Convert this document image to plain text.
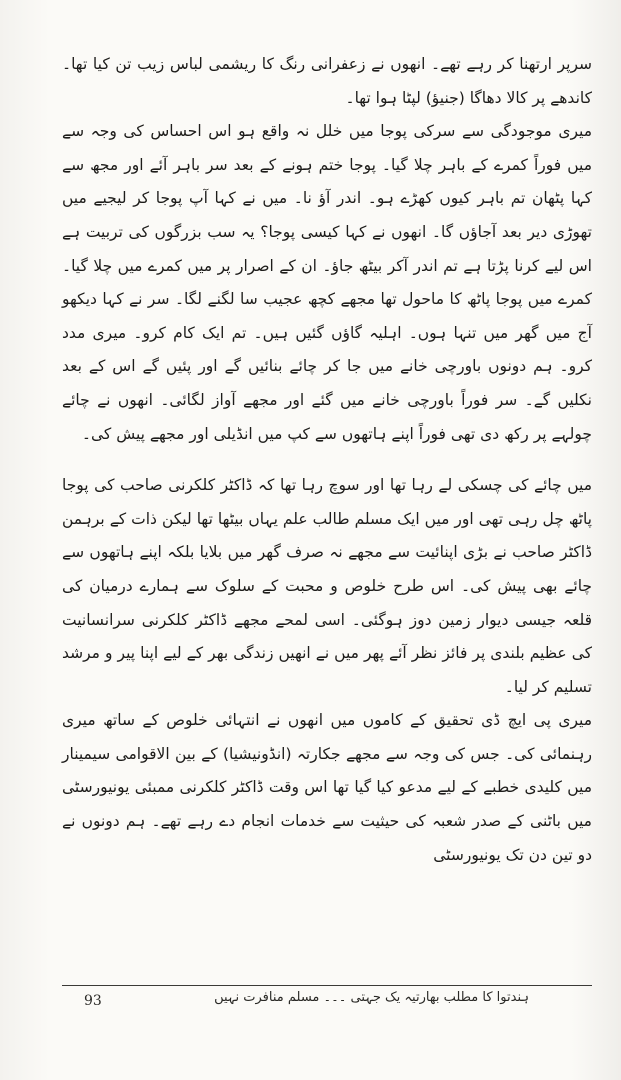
سرپر ارتھنا کر رہے تھے۔ انھوں نے زعفرانی رنگ کا ریشمی لباس زیب تن کیا تھا۔ کاندھے پر کالا دھاگا (جنیؤ) لپٹا ہوا تھا۔

میری موجودگی سے سرکی پوجا میں خلل نہ واقع ہو اس احساس کی وجہ سے میں فوراً کمرے کے باہر چلا گیا۔ پوجا ختم ہونے کے بعد سر باہر آئے اور مجھ سے کہا پٹھان تم باہر کیوں کھڑے ہو۔ اندر آؤ نا۔ میں نے کہا آپ پوجا کر لیجیے میں تھوڑی دیر بعد آجاؤں گا۔ انھوں نے کہا کیسی پوجا؟ یہ سب بزرگوں کی تربیت ہے اس لیے کرنا پڑتا ہے تم اندر آکر بیٹھ جاؤ۔ ان کے اصرار پر میں کمرے میں چلا گیا۔ کمرے میں پوجا پاٹھ کا ماحول تھا مجھے کچھ عجیب سا لگنے لگا۔ سر نے کہا دیکھو آج میں گھر میں تنہا ہوں۔ اہلیہ گاؤں گئیں ہیں۔ تم ایک کام کرو۔ میری مدد کرو۔ ہم دونوں باورچی خانے میں جا کر چائے بنائیں گے اور پئیں گے اس کے بعد نکلیں گے۔ سر فوراً باورچی خانے میں گئے اور مجھے آواز لگائی۔ انھوں نے چائے چولہے پر رکھ دی تھی فوراً اپنے ہاتھوں سے کپ میں انڈیلی اور مجھے پیش کی۔

میں چائے کی چسکی لے رہا تھا اور سوچ رہا تھا کہ ڈاکٹر کلکرنی صاحب کی پوجا پاٹھ چل رہی تھی اور میں ایک مسلم طالب علم یہاں بیٹھا تھا لیکن ذات کے برہمن ڈاکٹر صاحب نے بڑی اپنائیت سے مجھے نہ صرف گھر میں بلایا بلکہ اپنے ہاتھوں سے چائے بھی پیش کی۔ اس طرح خلوص و محبت کے سلوک سے ہمارے درمیان کی قلعہ جیسی دیوار زمین دوز ہوگئی۔ اسی لمحے مجھے ڈاکٹر کلکرنی سرانسانیت کی عظیم بلندی پر فائز نظر آئے پھر میں نے انھیں زندگی بھر کے لیے اپنا پیر و مرشد تسلیم کر لیا۔

میری پی ایچ ڈی تحقیق کے کاموں میں انھوں نے انتہائی خلوص کے ساتھ میری رہنمائی کی۔ جس کی وجہ سے مجھے جکارتہ (انڈونیشیا) کے بین الاقوامی سیمینار میں کلیدی خطبے کے لیے مدعو کیا گیا تھا اس وقت ڈاکٹر کلکرنی ممبئی یونیورسٹی میں باٹنی کے صدر شعبہ کی حیثیت سے خدمات انجام دے رہے تھے۔ ہم دونوں نے دو تین دن تک یونیورسٹی

ہندتوا کا مطلب بھارتیہ یک جہتی ۔۔۔ مسلم منافرت نہیں
93
